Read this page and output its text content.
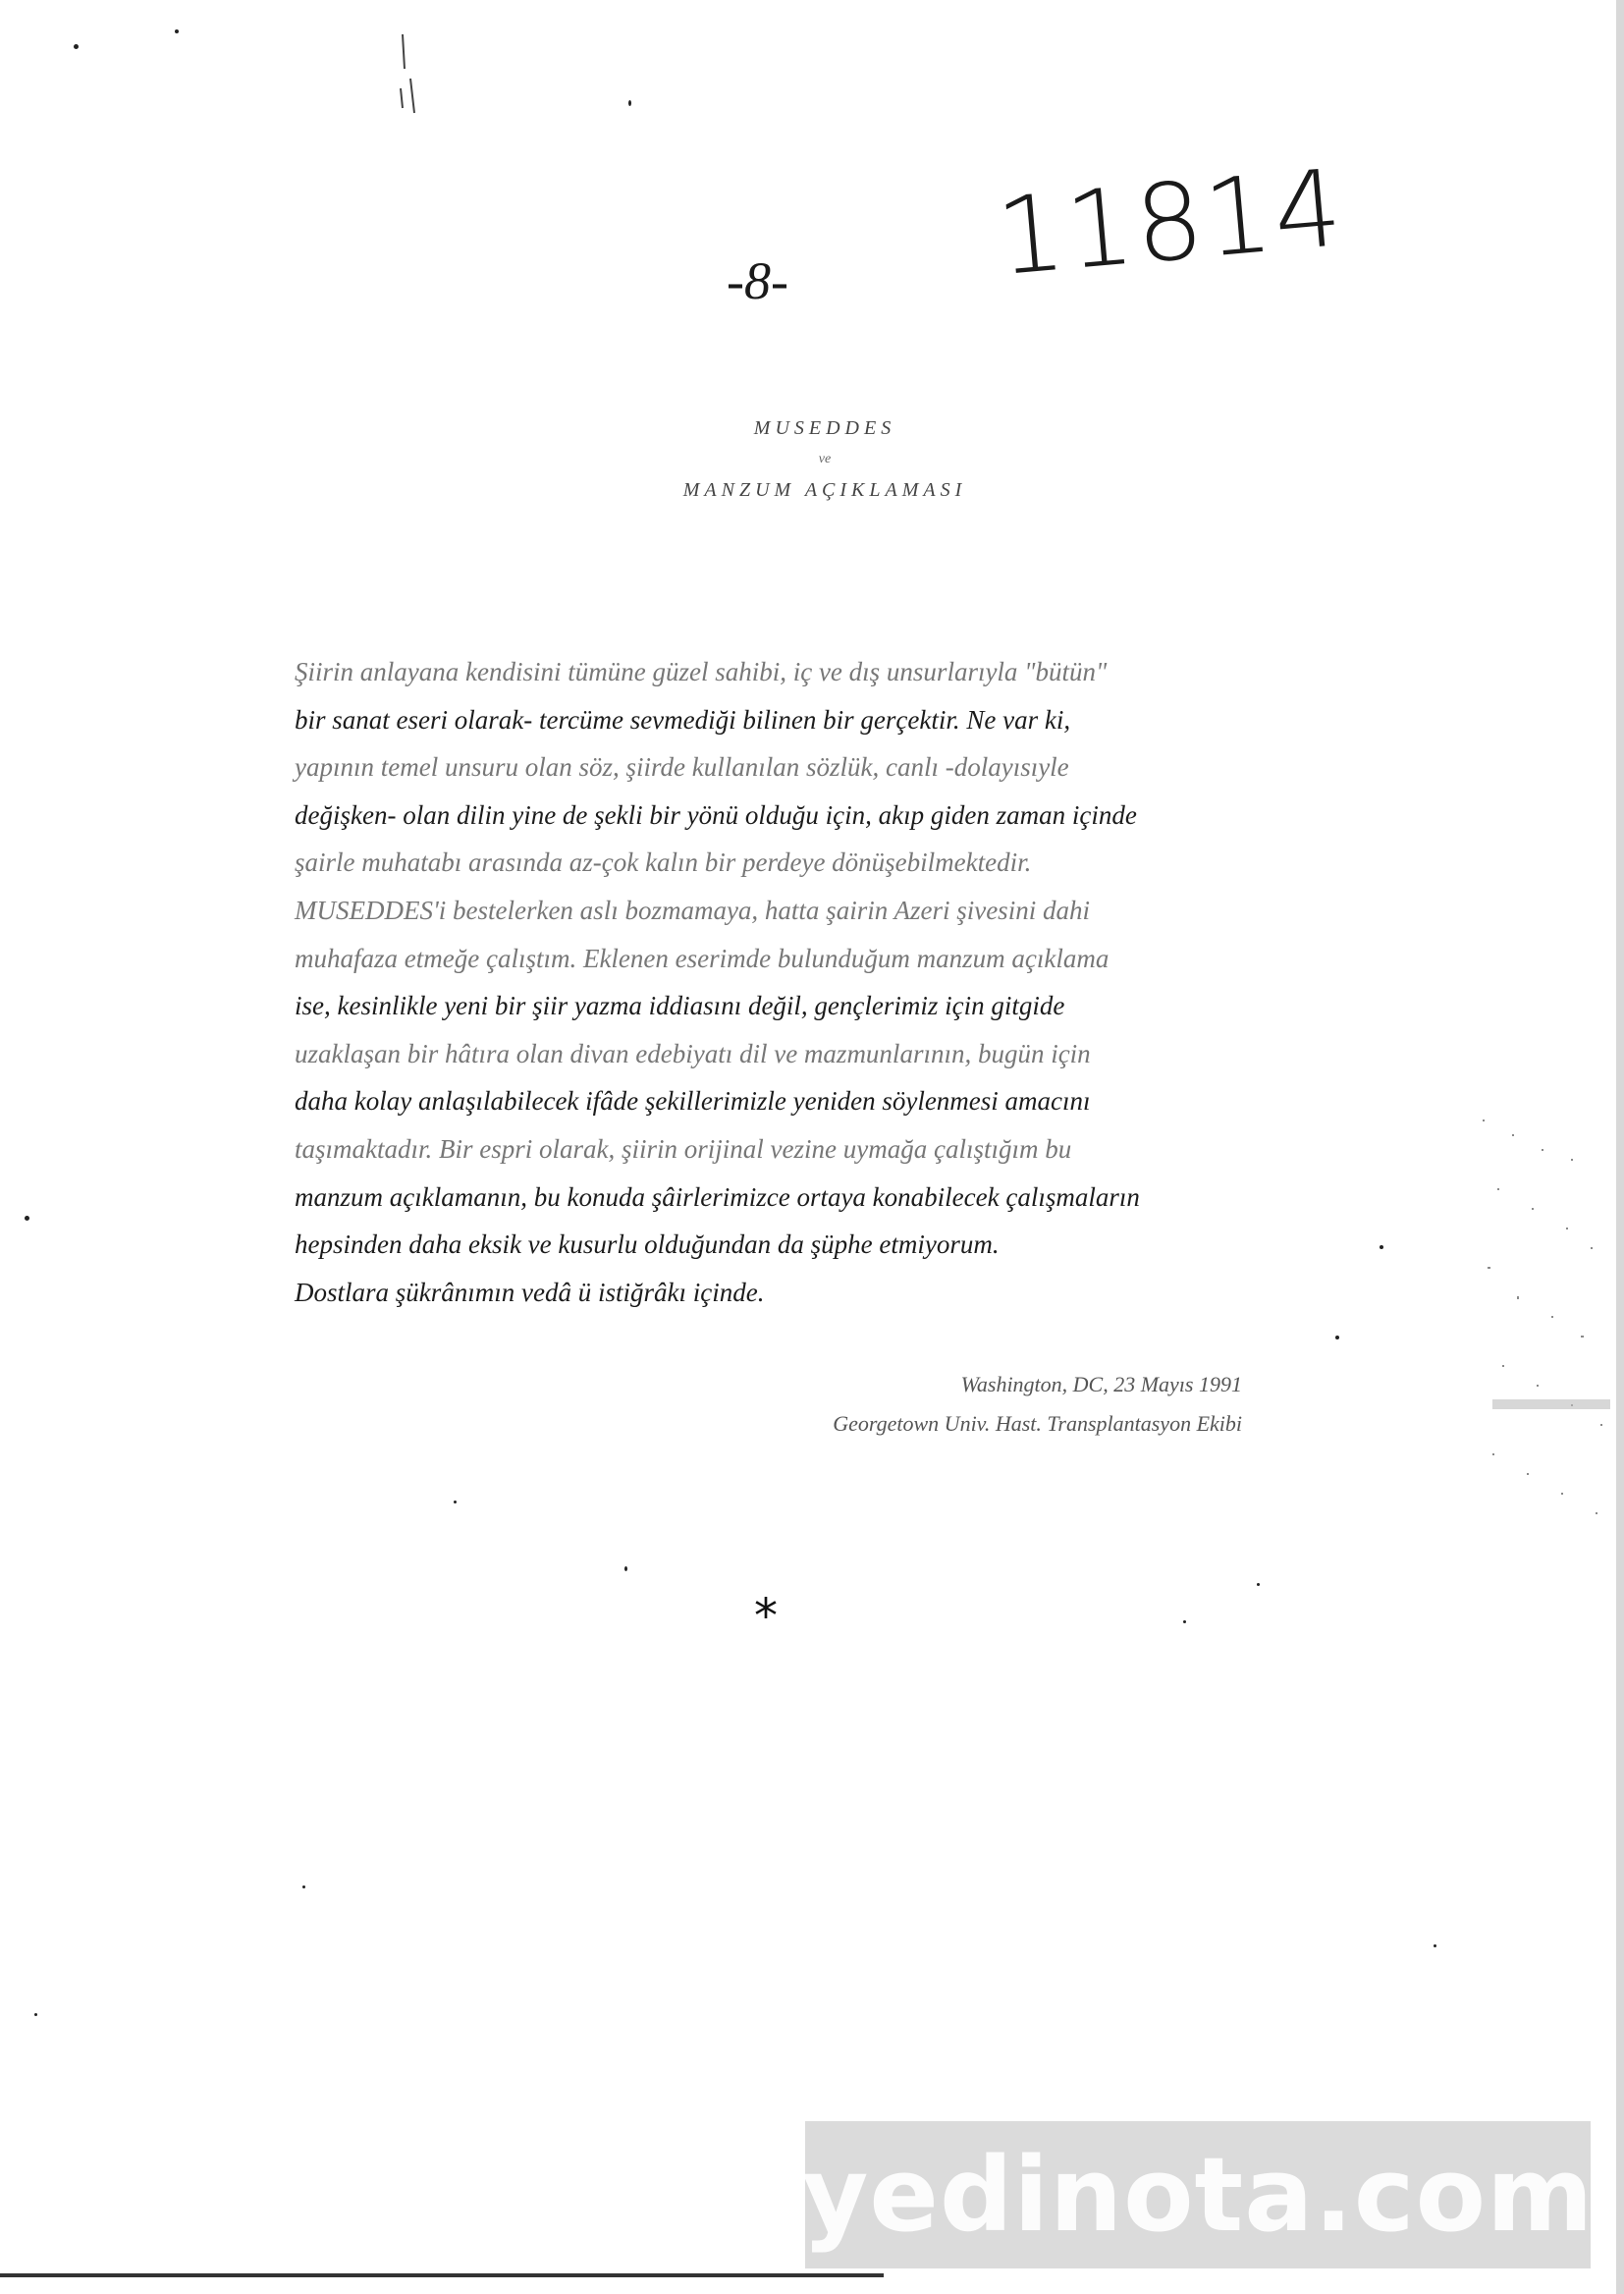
11814
-8-
MUSEDDES
ve
MANZUM AÇIKLAMASI
Şiirin anlayana kendisini tümüne güzel sahibi, iç ve dış unsurlarıyla "bütün"
bir sanat eseri olarak- tercüme sevmediği bilinen bir gerçektir. Ne var ki,
yapının temel unsuru olan söz, şiirde kullanılan sözlük, canlı -dolayısıyle
değişken- olan dilin yine de şekli bir yönü olduğu için, akıp giden zaman içinde
şairle muhatabı arasında az-çok kalın bir perdeye dönüşebilmektedir.
MUSEDDES'i bestelerken aslı bozmamaya, hatta şairin Azeri şivesini dahi
muhafaza etmeğe çalıştım. Eklenen eserimde bulunduğum manzum açıklama
ise, kesinlikle yeni bir şiir yazma iddiasını değil, gençlerimiz için gitgide
uzaklaşan bir hâtıra olan divan edebiyatı dil ve mazmunlarının, bugün için
daha kolay anlaşılabilecek ifâde şekillerimizle yeniden söylenmesi amacını
taşımaktadır. Bir espri olarak, şiirin orijinal vezine uymağa çalıştığım bu
manzum açıklamanın, bu konuda şâirlerimizce ortaya konabilecek çalışmaların
hepsinden daha eksik ve kusurlu olduğundan da şüphe etmiyorum.
Dostlara şükrânımın vedâ ü istiğrâkı içinde.
Washington, DC, 23 Mayıs 1991
Georgetown Univ. Hast. Transplantasyon Ekibi
*
yedinota.com
